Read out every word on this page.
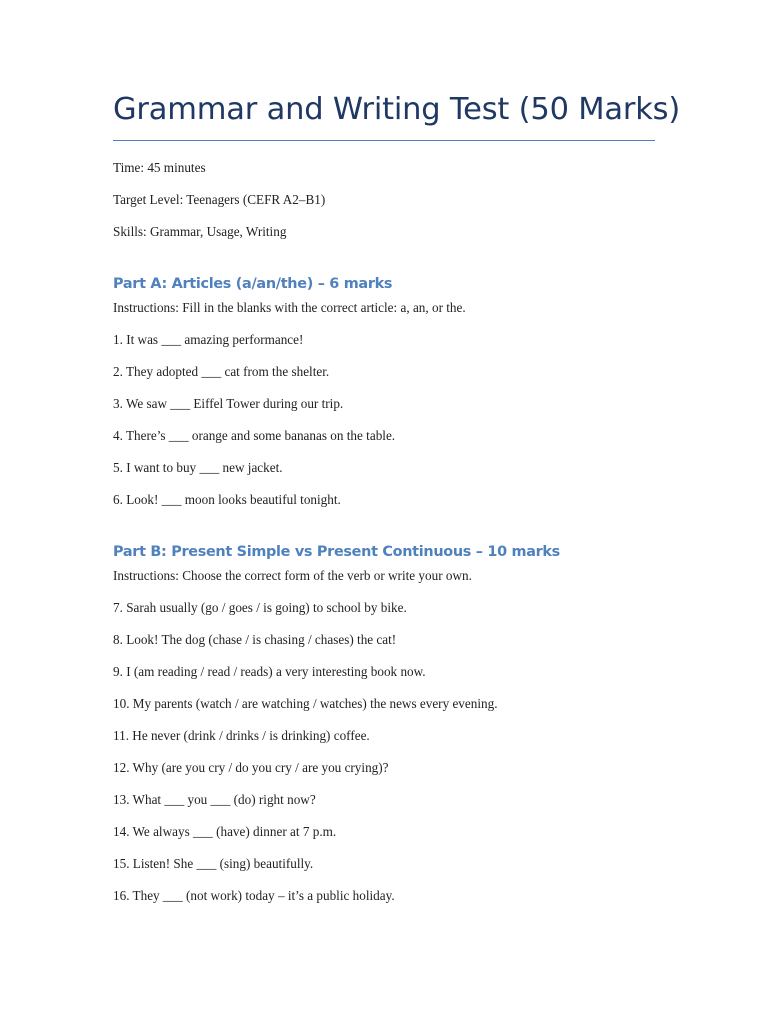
Grammar and Writing Test (50 Marks)

Time: 45 minutes

Target Level: Teenagers (CEFR A2–B1)

Skills: Grammar, Usage, Writing

Part A: Articles (a/an/the) – 6 marks

Instructions: Fill in the blanks with the correct article: a, an, or the.

1. It was ___ amazing performance!

2. They adopted ___ cat from the shelter.

3. We saw ___ Eiffel Tower during our trip.

4. There’s ___ orange and some bananas on the table.

5. I want to buy ___ new jacket.

6. Look! ___ moon looks beautiful tonight.

Part B: Present Simple vs Present Continuous – 10 marks

Instructions: Choose the correct form of the verb or write your own.

7. Sarah usually (go / goes / is going) to school by bike.

8. Look! The dog (chase / is chasing / chases) the cat!

9. I (am reading / read / reads) a very interesting book now.

10. My parents (watch / are watching / watches) the news every evening.

11. He never (drink / drinks / is drinking) coffee.

12. Why (are you cry / do you cry / are you crying)?

13. What ___ you ___ (do) right now?

14. We always ___ (have) dinner at 7 p.m.

15. Listen! She ___ (sing) beautifully.

16. They ___ (not work) today – it’s a public holiday.
